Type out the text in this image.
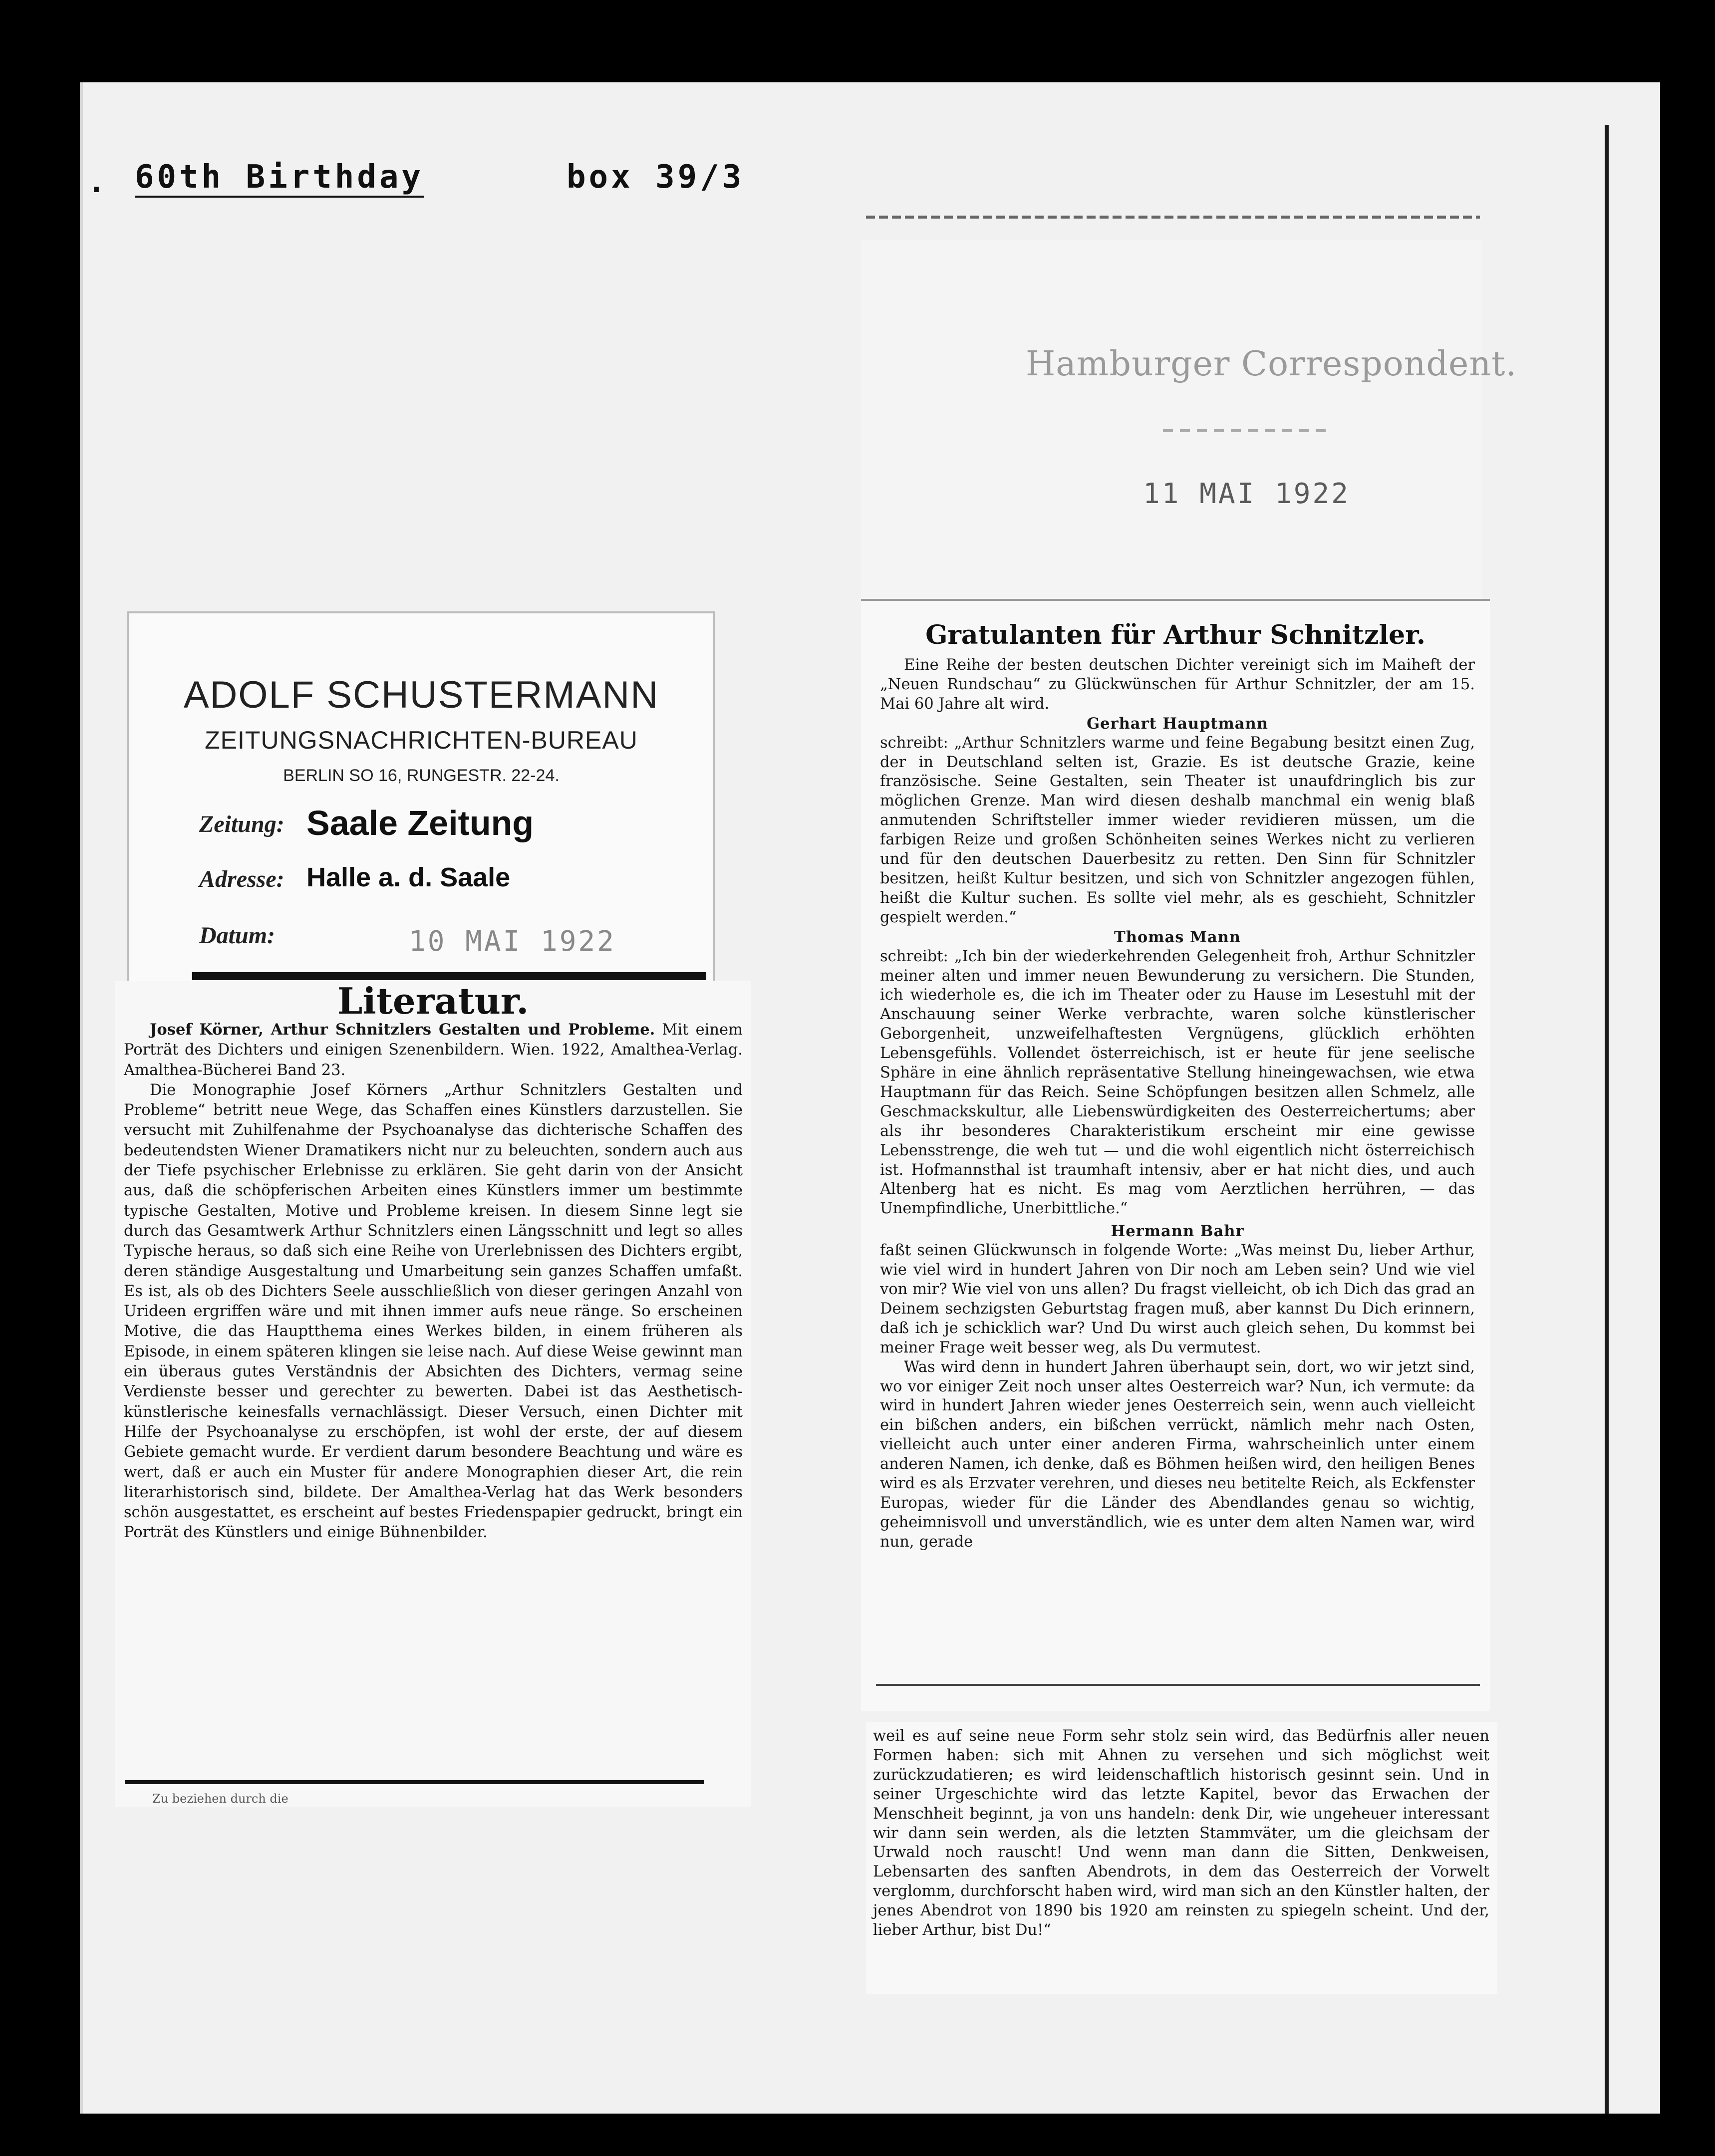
. 60th Birthday	box 39/3
ADOLF SCHUSTERMANN
ZEITUNGSNACHRICHTEN-BUREAU
BERLIN SO 16, RUNGESTR. 22-24.
Zeitung: Saale Zeitung
Adresse: Halle a. d. Saale
Datum:	10 MAI 1922
Literatur.

Josef Körner, Arthur Schnitzlers Gestalten und Probleme. Mit einem Porträt des Dichters und einigen Szenenbildern. Wien. 1922, Amalthea-Verlag. Amalthea-Bücherei Band 23.

Die Monographie Josef Körners „Arthur Schnitzlers Gestalten und Probleme“ betritt neue Wege, das Schaffen eines Künstlers darzustellen. Sie versucht mit Zuhilfenahme der Psychoanalyse das dichterische Schaffen des bedeutendsten Wiener Dramatikers nicht nur zu beleuchten, sondern auch aus der Tiefe psychischer Erlebnisse zu erklären. Sie geht darin von der Ansicht aus, daß die schöpferischen Arbeiten eines Künstlers immer um bestimmte typische Gestalten, Motive und Probleme kreisen. In diesem Sinne legt sie durch das Gesamtwerk Arthur Schnitzlers einen Längsschnitt und legt so alles Typische heraus, so daß sich eine Reihe von Urerlebnissen des Dichters ergibt, deren ständige Ausgestaltung und Umarbeitung sein ganzes Schaffen umfaßt. Es ist, als ob des Dichters Seele ausschließlich von dieser geringen Anzahl von Urideen ergriffen wäre und mit ihnen immer aufs neue ränge. So erscheinen Motive, die das Hauptthema eines Werkes bilden, in einem früheren als Episode, in einem späteren klingen sie leise nach. Auf diese Weise gewinnt man ein überaus gutes Verständnis der Absichten des Dichters, vermag seine Verdienste besser und gerechter zu bewerten. Dabei ist das Aesthetisch-künstlerische keinesfalls vernachlässigt. Dieser Versuch, einen Dichter mit Hilfe der Psychoanalyse zu erschöpfen, ist wohl der erste, der auf diesem Gebiete gemacht wurde. Er verdient darum besondere Beachtung und wäre es wert, daß er auch ein Muster für andere Monographien dieser Art, die rein literarhistorisch sind, bildete. Der Amalthea-Verlag hat das Werk besonders schön ausgestattet, es erscheint auf bestes Friedenspapier gedruckt, bringt ein Porträt des Künstlers und einige Bühnenbilder.

Zu beziehen durch die
Hamburger Correspondent.
11 MAI 1922
Gratulanten für Arthur Schnitzler.

Eine Reihe der besten deutschen Dichter vereinigt sich im Maiheft der „Neuen Rundschau“ zu Glückwünschen für Arthur Schnitzler, der am 15. Mai 60 Jahre alt wird.

Gerhart Hauptmann

schreibt: „Arthur Schnitzlers warme und feine Begabung besitzt einen Zug, der in Deutschland selten ist, Grazie. Es ist deutsche Grazie, keine französische. Seine Gestalten, sein Theater ist unaufdringlich bis zur möglichen Grenze. Man wird diesen deshalb manchmal ein wenig blaß anmutenden Schriftsteller immer wieder revidieren müssen, um die farbigen Reize und großen Schönheiten seines Werkes nicht zu verlieren und für den deutschen Dauerbesitz zu retten. Den Sinn für Schnitzler besitzen, heißt Kultur besitzen, und sich von Schnitzler angezogen fühlen, heißt die Kultur suchen. Es sollte viel mehr, als es geschieht, Schnitzler gespielt werden.“

Thomas Mann

schreibt: „Ich bin der wiederkehrenden Gelegenheit froh, Arthur Schnitzler meiner alten und immer neuen Bewunderung zu versichern. Die Stunden, ich wiederhole es, die ich im Theater oder zu Hause im Lesestuhl mit der Anschauung seiner Werke verbrachte, waren solche künstlerischer Geborgenheit, unzweifelhaftesten Vergnügens, glücklich erhöhten Lebensgefühls. Vollendet österreichisch, ist er heute für jene seelische Sphäre in eine ähnlich repräsentative Stellung hineingewachsen, wie etwa Hauptmann für das Reich. Seine Schöpfungen besitzen allen Schmelz, alle Geschmackskultur, alle Liebenswürdigkeiten des Oesterreichertums; aber als ihr besonderes Charakteristikum erscheint mir eine gewisse Lebensstrenge, die weh tut — und die wohl eigentlich nicht österreichisch ist. Hofmannsthal ist traumhaft intensiv, aber er hat nicht dies, und auch Altenberg hat es nicht. Es mag vom Aerztlichen herrühren, — das Unempfindliche, Unerbittliche.“

Hermann Bahr

faßt seinen Glückwunsch in folgende Worte: „Was meinst Du, lieber Arthur, wie viel wird in hundert Jahren von Dir noch am Leben sein? Und wie viel von mir? Wie viel von uns allen? Du fragst vielleicht, ob ich Dich das grad an Deinem sechzigsten Geburtstag fragen muß, aber kannst Du Dich erinnern, daß ich je schicklich war? Und Du wirst auch gleich sehen, Du kommst bei meiner Frage weit besser weg, als Du vermutest.

Was wird denn in hundert Jahren überhaupt sein, dort, wo wir jetzt sind, wo vor einiger Zeit noch unser altes Oesterreich war? Nun, ich vermute: da wird in hundert Jahren wieder jenes Oesterreich sein, wenn auch vielleicht ein bißchen anders, ein bißchen verrückt, nämlich mehr nach Osten, vielleicht auch unter einer anderen Firma, wahrscheinlich unter einem anderen Namen, ich denke, daß es Böhmen heißen wird, den heiligen Benes wird es als Erzvater verehren, und dieses neu betitelte Reich, als Eckfenster Europas, wieder für die Länder des Abendlandes genau so wichtig, geheimnisvoll und unverständlich, wie es unter dem alten Namen war, wird nun, gerade

weil es auf seine neue Form sehr stolz sein wird, das Bedürfnis aller neuen Formen haben: sich mit Ahnen zu versehen und sich möglichst weit zurückzudatieren; es wird leidenschaftlich historisch gesinnt sein. Und in seiner Urgeschichte wird das letzte Kapitel, bevor das Erwachen der Menschheit beginnt, ja von uns handeln: denk Dir, wie ungeheuer interessant wir dann sein werden, als die letzten Stammväter, um die gleichsam der Urwald noch rauscht! Und wenn man dann die Sitten, Denkweisen, Lebensarten des sanften Abendrots, in dem das Oesterreich der Vorwelt verglomm, durchforscht haben wird, wird man sich an den Künstler halten, der jenes Abendrot von 1890 bis 1920 am reinsten zu spiegeln scheint. Und der, lieber Arthur, bist Du!“
